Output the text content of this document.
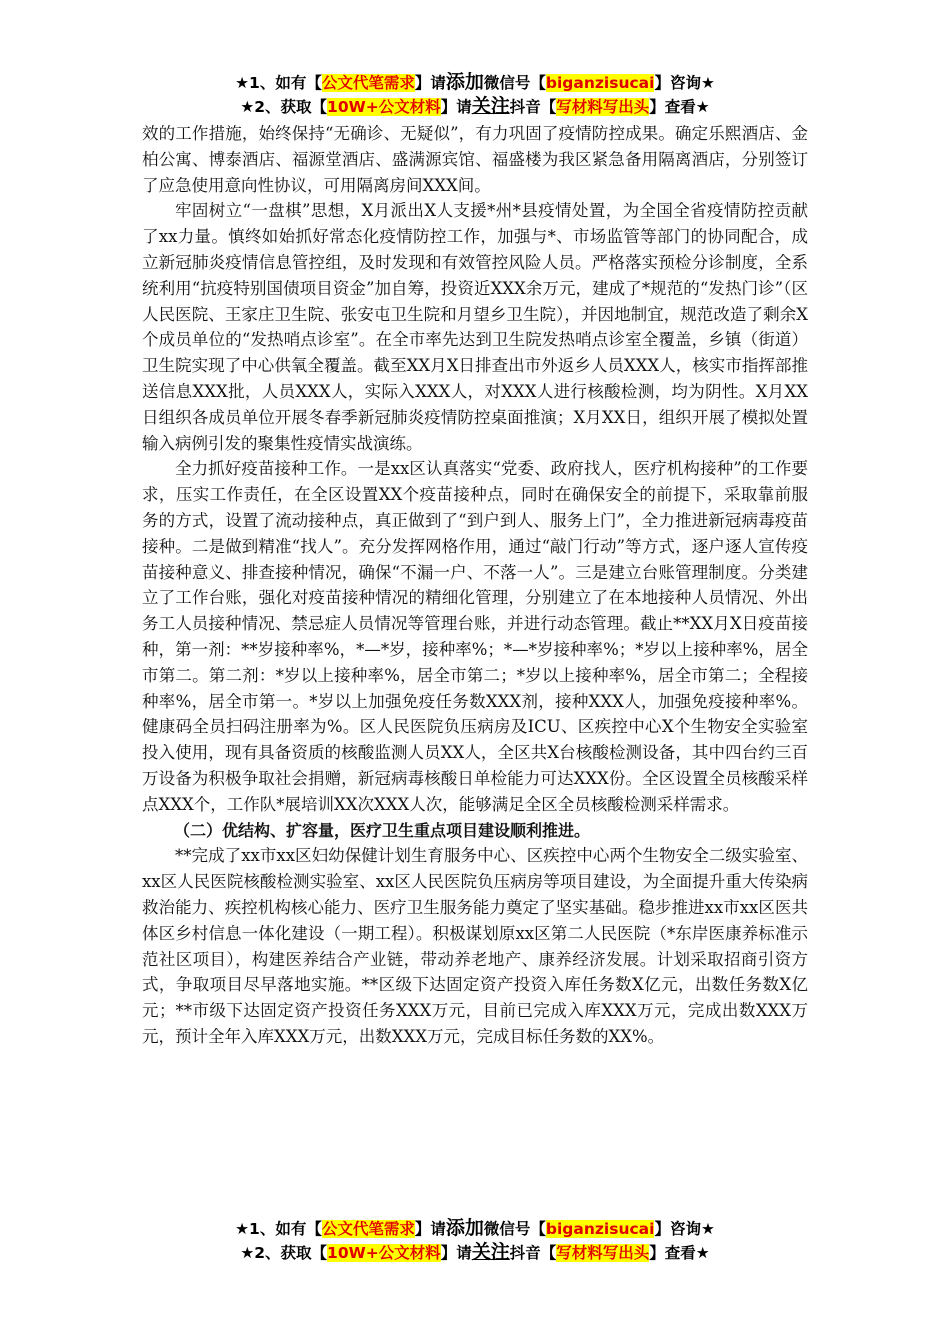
★1、如有【公文代笔需求】请添加微信号【biganzisucai】咨询★
★2、获取【10W+公文材料】请关注抖音【写材料写出头】查看★

效的工作措施，始终保持“无确诊、无疑似”，有力巩固了疫情防控成果。确定乐熙酒店、金柏公寓、博泰酒店、福源堂酒店、盛满源宾馆、福盛楼为我区紧急备用隔离酒店，分别签订了应急使用意向性协议，可用隔离房间XXX间。

牢固树立“一盘棋”思想，X月派出X人支援*州*县疫情处置，为全国全省疫情防控贡献了xx力量。慎终如始抓好常态化疫情防控工作，加强与*、市场监管等部门的协同配合，成立新冠肺炎疫情信息管控组，及时发现和有效管控风险人员。严格落实预检分诊制度，全系统利用“抗疫特别国债项目资金”加自筹，投资近XXX余万元，建成了*规范的“发热门诊”（区人民医院、王家庄卫生院、张安屯卫生院和月望乡卫生院），并因地制宜，规范改造了剩余X个成员单位的“发热哨点诊室”。在全市率先达到卫生院发热哨点诊室全覆盖，乡镇（街道）卫生院实现了中心供氧全覆盖。截至XX月X日排查出市外返乡人员XXX人，核实市指挥部推送信息XXX批，人员XXX人，实际入XXX人，对XXX人进行核酸检测，均为阴性。X月XX日组织各成员单位开展冬春季新冠肺炎疫情防控桌面推演；X月XX日，组织开展了模拟处置输入病例引发的聚集性疫情实战演练。

全力抓好疫苗接种工作。一是xx区认真落实“党委、政府找人，医疗机构接种”的工作要求，压实工作责任，在全区设置XX个疫苗接种点，同时在确保安全的前提下，采取靠前服务的方式，设置了流动接种点，真正做到了“到户到人、服务上门”，全力推进新冠病毒疫苗接种。二是做到精准“找人”。充分发挥网格作用，通过“敲门行动”等方式，逐户逐人宣传疫苗接种意义、排查接种情况，确保“不漏一户、不落一人”。三是建立台账管理制度。分类建立了工作台账，强化对疫苗接种情况的精细化管理，分别建立了在本地接种人员情况、外出务工人员接种情况、禁忌症人员情况等管理台账，并进行动态管理。截止**XX月X日疫苗接种，第一剂：**岁接种率%，*—*岁，接种率%；*—*岁接种率%；*岁以上接种率%，居全市第二。第二剂：*岁以上接种率%，居全市第二；*岁以上接种率%，居全市第二；全程接种率%，居全市第一。*岁以上加强免疫任务数XXX剂，接种XXX人，加强免疫接种率%。健康码全员扫码注册率为%。区人民医院负压病房及ICU、区疾控中心X个生物安全实验室投入使用，现有具备资质的核酸监测人员XX人，全区共X台核酸检测设备，其中四台约三百万设备为积极争取社会捐赠，新冠病毒核酸日单检能力可达XXX份。全区设置全员核酸采样点XXX个，工作队*展培训XX次XXX人次，能够满足全区全员核酸检测采样需求。

（二）优结构、扩容量，医疗卫生重点项目建设顺利推进。

**完成了xx市xx区妇幼保健计划生育服务中心、区疾控中心两个生物安全二级实验室、xx区人民医院核酸检测实验室、xx区人民医院负压病房等项目建设，为全面提升重大传染病救治能力、疾控机构核心能力、医疗卫生服务能力奠定了坚实基础。稳步推进xx市xx区医共体区乡村信息一体化建设（一期工程）。积极谋划原xx区第二人民医院（*东岸医康养标准示范社区项目），构建医养结合产业链，带动养老地产、康养经济发展。计划采取招商引资方式，争取项目尽早落地实施。**区级下达固定资产投资入库任务数X亿元，出数任务数X亿元；**市级下达固定资产投资任务XXX万元，目前已完成入库XXX万元，完成出数XXX万元，预计全年入库XXX万元，出数XXX万元，完成目标任务数的XX%。

★1、如有【公文代笔需求】请添加微信号【biganzisucai】咨询★
★2、获取【10W+公文材料】请关注抖音【写材料写出头】查看★
